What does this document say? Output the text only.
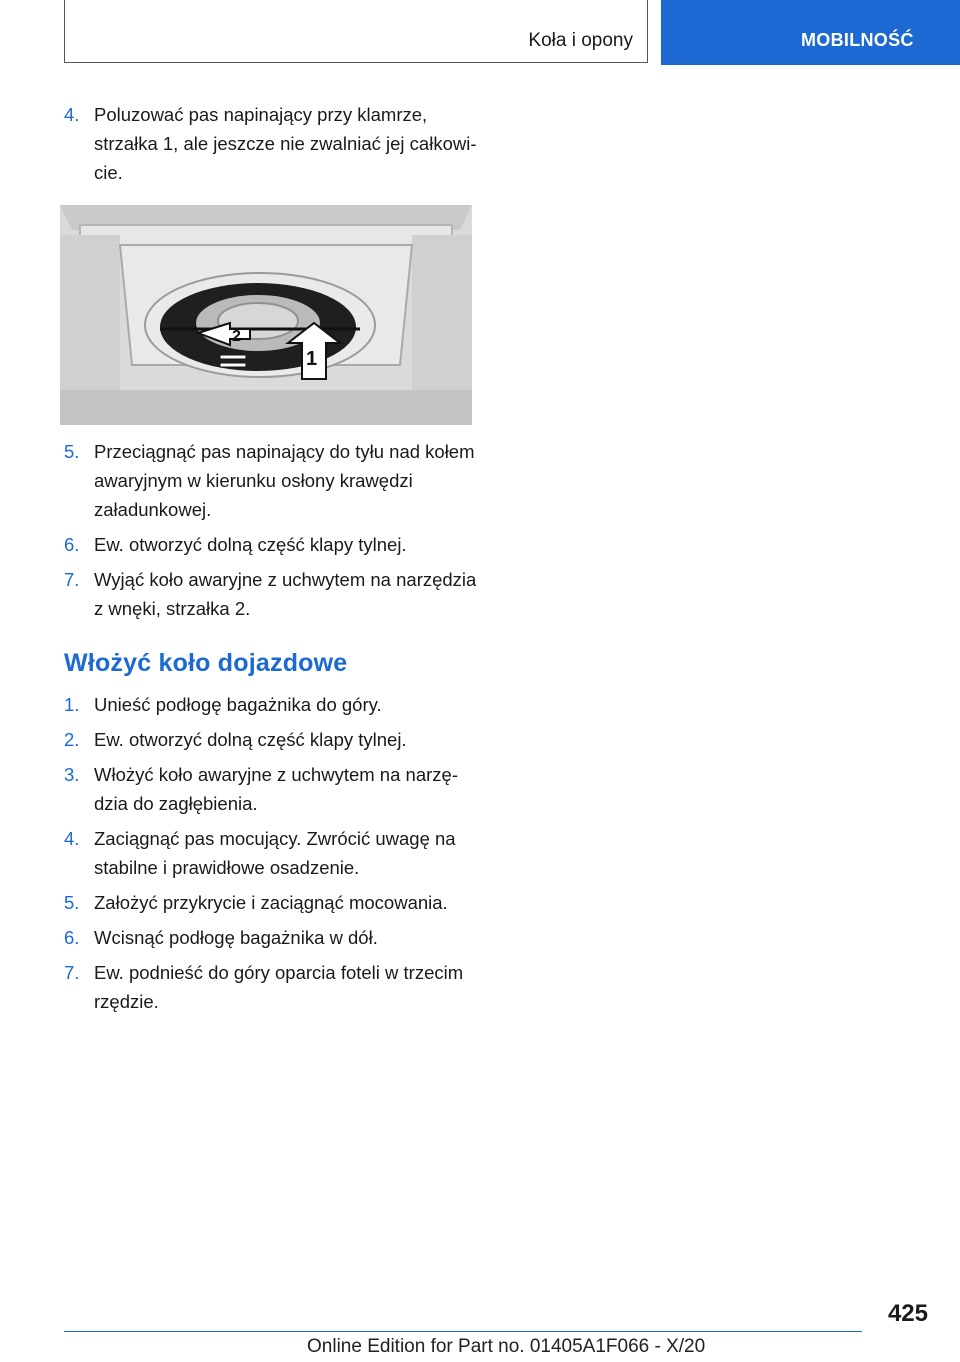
Koła i opony	MOBILNOŚĆ
4. Poluzować pas napinający przy klamrze, strzałka 1, ale jeszcze nie zwalniać jej całkowicie.
2
1
5. Przeciągnąć pas napinający do tyłu nad kołem awaryjnym w kierunku osłony krawędzi załadunkowej.
6. Ew. otworzyć dolną część klapy tylnej.
7. Wyjąć koło awaryjne z uchwytem na narzędzia z wnęki, strzałka 2.
Włożyć koło dojazdowe
1. Unieść podłogę bagażnika do góry.
2. Ew. otworzyć dolną część klapy tylnej.
3. Włożyć koło awaryjne z uchwytem na narzędzia do zagłębienia.
4. Zaciągnąć pas mocujący. Zwrócić uwagę na stabilne i prawidłowe osadzenie.
5. Założyć przykrycie i zaciągnąć mocowania.
6. Wcisnąć podłogę bagażnika w dół.
7. Ew. podnieść do góry oparcia foteli w trzecim rzędzie.
425
Online Edition for Part no. 01405A1F066 - X/20
